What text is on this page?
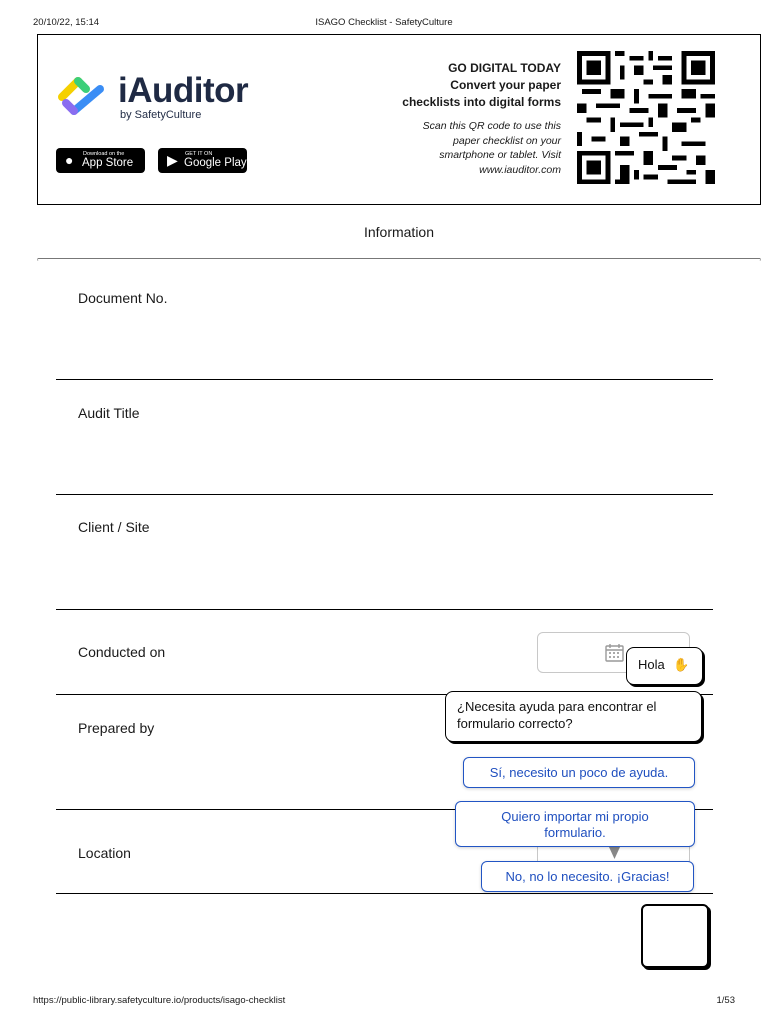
20/10/22, 15:14	ISAGO Checklist - SafetyCulture
iAuditor
by SafetyCulture
● Download on the
App Store ▶ GET IT ON
Google Play
GO DIGITAL TODAY
Convert your paper
checklists into digital forms
Scan this QR code to use this
paper checklist on your
smartphone or tablet. Visit
www.iauditor.com
Information
Document No.
Audit Title
Client / Site
Conducted on
Prepared by
Location
Hola ✋
¿Necesita ayuda para encontrar el
formulario correcto?
Sí, necesito un poco de ayuda.
Quiero importar mi propio
formulario.
No, no lo necesito. ¡Gracias!
https://public-library.safetyculture.io/products/isago-checklist	1/53
